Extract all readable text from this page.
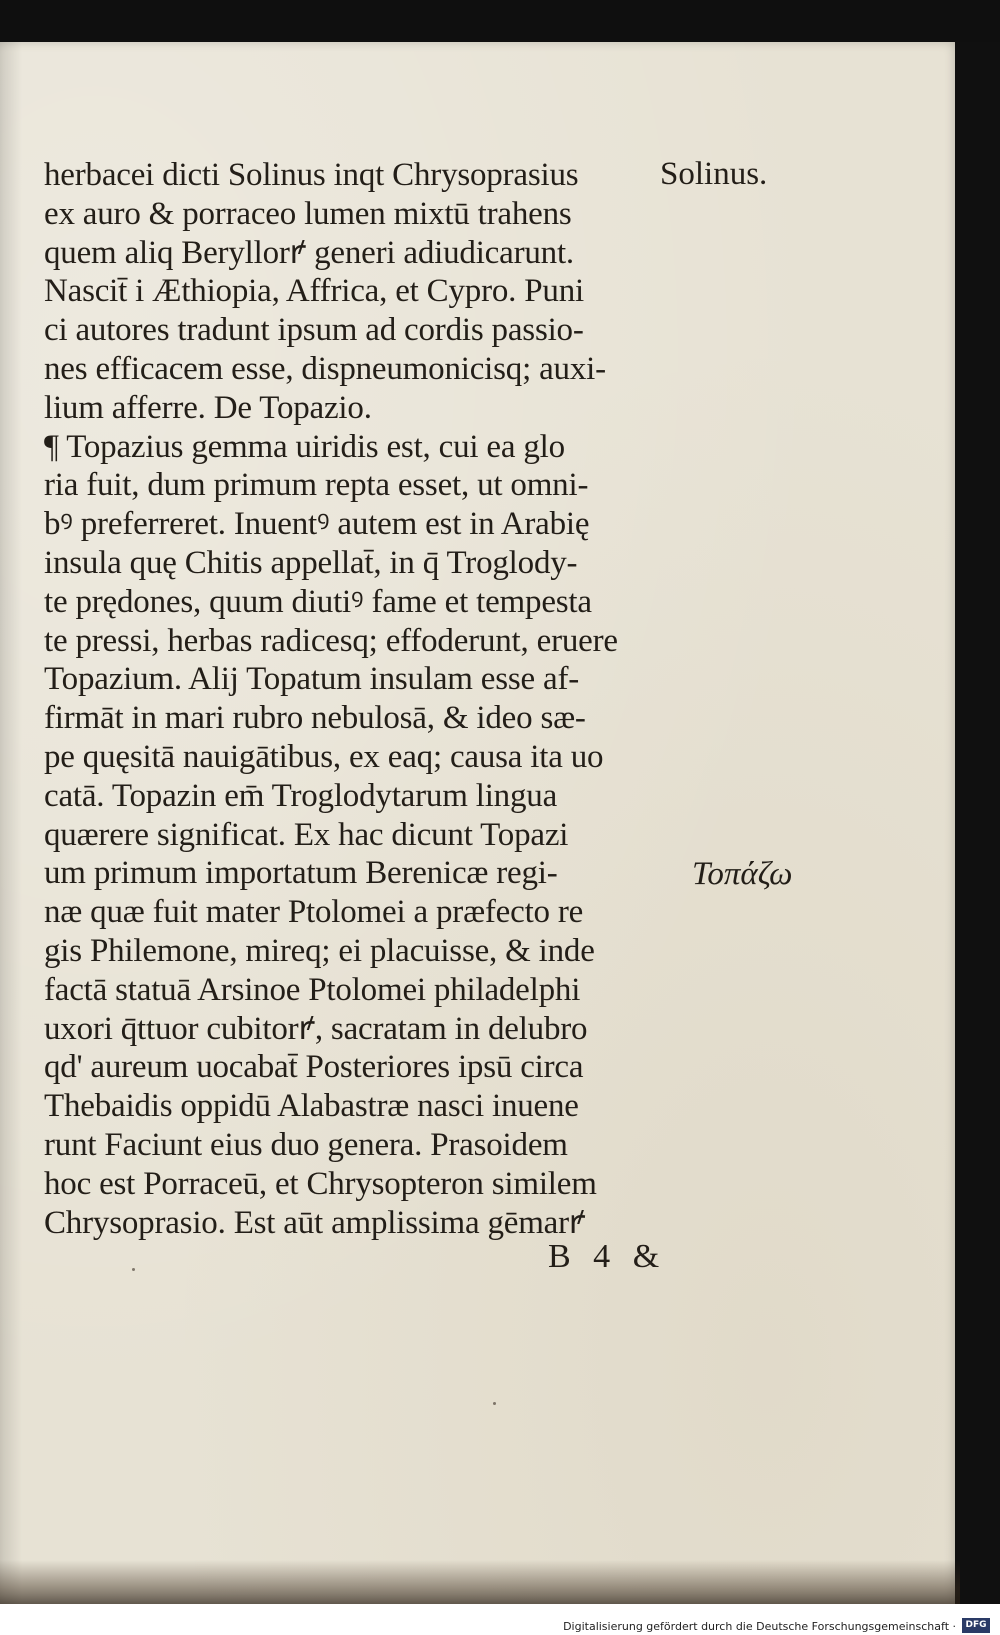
herbacei dicti Solinus inqt Chrysoprasius
ex auro & porraceo lumen mixtū trahens
quem aliq Beryllorꝵ generi adiudicarunt.
Nascit̄ i Æthiopia, Affrica, et Cypro. Puni
ci autores tradunt ipsum ad cordis passio-
nes efficacem esse, dispneumonicisq; auxi-
lium afferre. De Topazio.
¶ Topazius gemma uiridis est, cui ea glo
ria fuit, dum primum repta esset, ut omni-
bꝰ preferreret. Inuentꝰ autem est in Arabię
insula quę Chitis appellat̄, in q̄ Troglody-
te prędones, quum diutiꝰ fame et tempesta
te pressi, herbas radicesq; effoderunt, eruere
Topazium. Alij Topatum insulam esse af-
firmāt in mari rubro nebulosā, & ideo sæ-
pe quęsitā nauigātibus, ex eaq; causa ita uo
catā. Topazin em̄ Troglodytarum lingua
quærere significat. Ex hac dicunt Topazi
um primum importatum Berenicæ regi-
næ quæ fuit mater Ptolomei a præfecto re
gis Philemone, mireq; ei placuisse, & inde
factā statuā Arsinoe Ptolomei philadelphi
uxori q̄ttuor cubitorꝵ, sacratam in delubro
qd' aureum uocabat̄ Posteriores ipsū circa
Thebaidis oppidū Alabastræ nasci inuene
runt Faciunt eius duo genera. Prasoidem
hoc est Porraceū, et Chrysopteron similem
Chrysoprasio. Est aūt amplissima gēmarꝵ
Solinus.
Τοπάζω
B 4 &
Digitalisierung gefördert durch die Deutsche Forschungsgemeinschaft ·	DFG
